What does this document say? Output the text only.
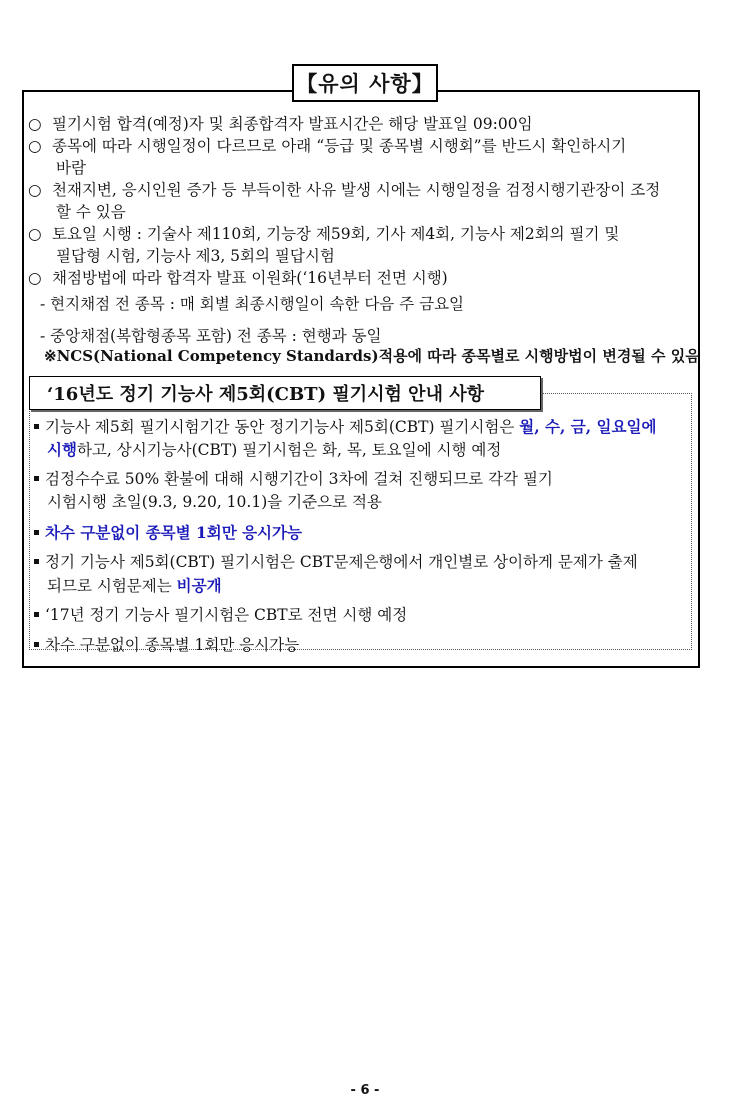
【유의 사항】
○ 필기시험 합격(예정)자 및 최종합격자 발표시간은 해당 발표일 09:00임
○ 종목에 따라 시행일정이 다르므로 아래 “등급 및 종목별 시행회”를 반드시 확인하시기
바람
○ 천재지변, 응시인원 증가 등 부득이한 사유 발생 시에는 시행일정을 검정시행기관장이 조정
할 수 있음
○ 토요일 시행 : 기술사 제110회, 기능장 제59회, 기사 제4회, 기능사 제2회의 필기 및
필답형 시험, 기능사 제3, 5회의 필답시험
○ 채점방법에 따라 합격자 발표 이원화(‘16년부터 전면 시행)
- 현지채점 전 종목 : 매 회별 최종시행일이 속한 다음 주 금요일
- 중앙채점(복합형종목 포함) 전 종목 : 현행과 동일
※NCS(National Competency Standards)적용에 따라 종목별로 시행방법이 변경될 수 있음
‘16년도 정기 기능사 제5회(CBT) 필기시험 안내 사항
기능사 제5회 필기시험기간 동안 정기기능사 제5회(CBT) 필기시험은 월, 수, 금, 일요일에
시행하고, 상시기능사(CBT) 필기시험은 화, 목, 토요일에 시행 예정
검정수수료 50% 환불에 대해 시행기간이 3차에 걸쳐 진행되므로 각각 필기
시험시행 초일(9.3, 9.20, 10.1)을 기준으로 적용
차수 구분없이 종목별 1회만 응시가능
정기 기능사 제5회(CBT) 필기시험은 CBT문제은행에서 개인별로 상이하게 문제가 출제
되므로 시험문제는 비공개
‘17년 정기 기능사 필기시험은 CBT로 전면 시행 예정
차수 구분없이 종목별 1회만 응시가능
- 6 -
